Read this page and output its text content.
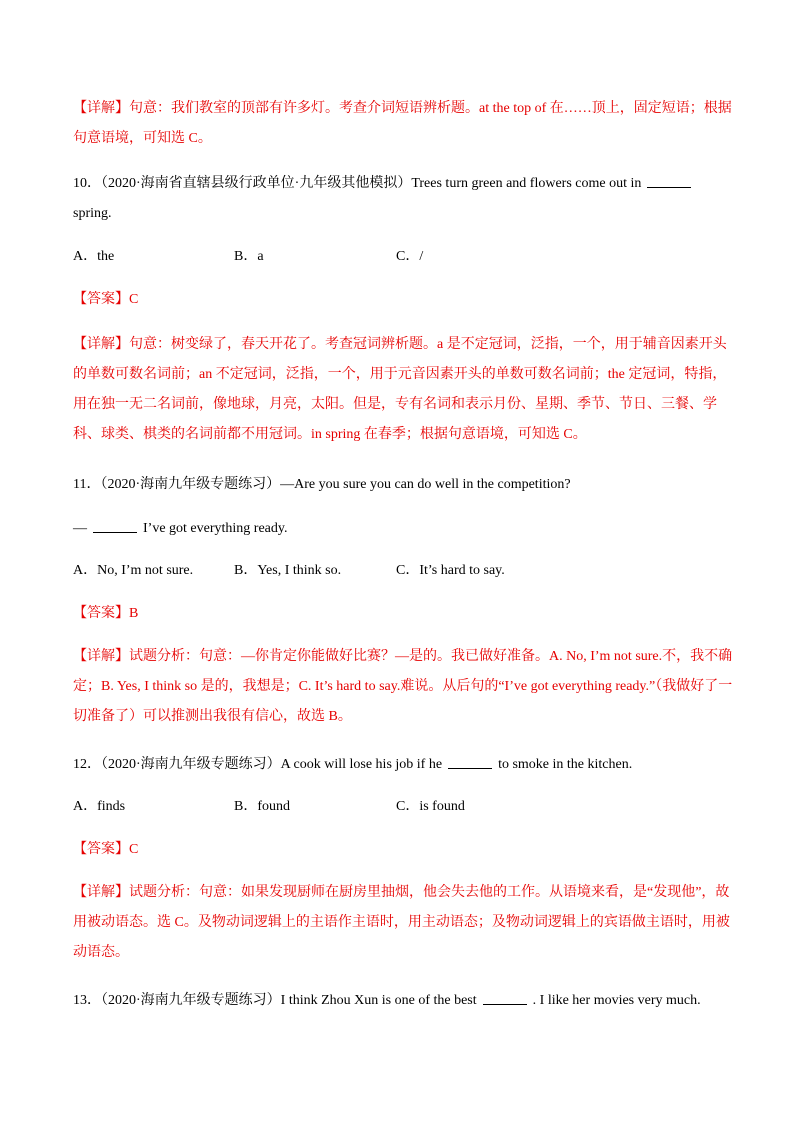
【详解】句意：我们教室的顶部有许多灯。考查介词短语辨析题。at the top of 在……顶上，固定短语；根据句意语境，可知选 C。

10．（2020·海南省直辖县级行政单位·九年级其他模拟）Trees turn green and flowers come out in
spring.
A．the	B．a	C．/
【答案】C

【详解】句意：树变绿了，春天开花了。考查冠词辨析题。a 是不定冠词，泛指，一个，用于辅音因素开头的单数可数名词前；an 不定冠词，泛指，一个，用于元音因素开头的单数可数名词前；the 定冠词，特指，用在独一无二名词前，像地球，月亮，太阳。但是，专有名词和表示月份、星期、季节、节日、三餐、学科、球类、棋类的名词前都不用冠词。in spring 在春季；根据句意语境，可知选 C。

11．（2020·海南九年级专题练习）—Are you sure you can do well in the competition?
—	I’ve got everything ready.
A．No, I’m not sure.	B．Yes, I think so.	C．It’s hard to say.
【答案】B

【详解】试题分析：句意：—你肯定你能做好比赛？—是的。我已做好准备。A. No, I’m not sure.不，我不确定；B. Yes, I think so 是的，我想是；C. It’s hard to say.难说。从后句的“I’ve got everything ready.”（我做好了一切准备了）可以推测出我很有信心，故选 B。

12．（2020·海南九年级专题练习）A cook will lose his job if he	to smoke in the kitchen.
A．finds	B．found	C．is found
【答案】C

【详解】试题分析：句意：如果发现厨师在厨房里抽烟，他会失去他的工作。从语境来看，是“发现他”，故用被动语态。选 C。及物动词逻辑上的主语作主语时，用主动语态；及物动词逻辑上的宾语做主语时，用被动语态。

13．（2020·海南九年级专题练习）I think Zhou Xun is one of the best	. I like her movies very much.
